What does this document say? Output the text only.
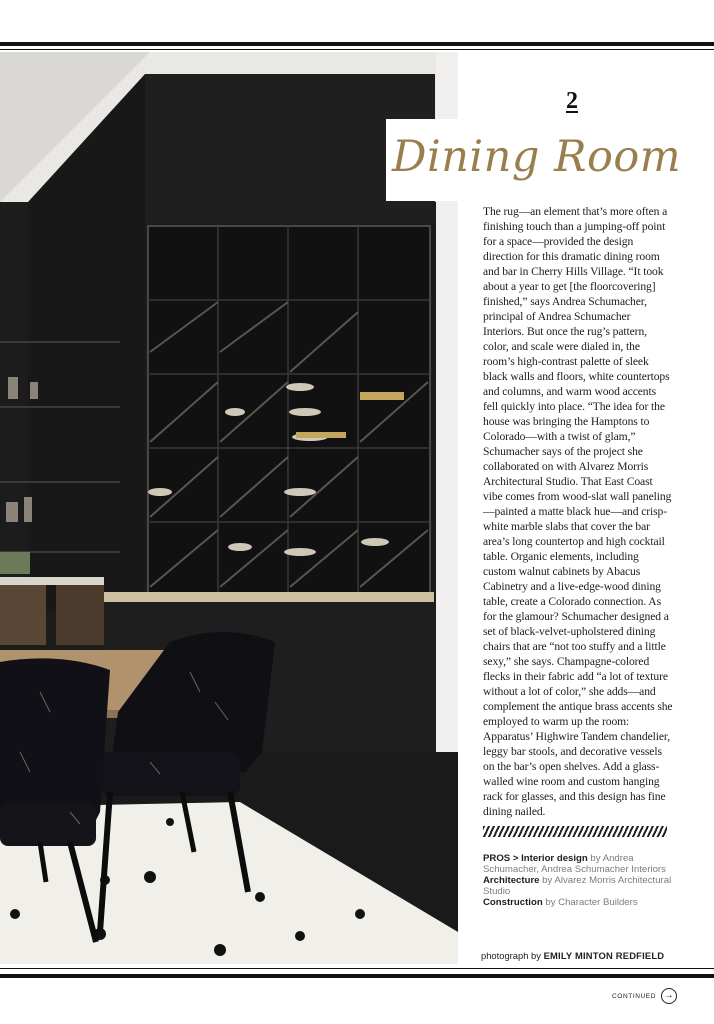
2
Dining Room
The rug—an element that’s more often a finishing touch than a jumping-off point for a space—provided the design direction for this dramatic dining room and bar in Cherry Hills Village. “It took about a year to get [the floorcovering] finished,” says Andrea Schumacher, principal of Andrea Schumacher Interiors. But once the rug’s pattern, color, and scale were dialed in, the room’s high-contrast palette of sleek black walls and floors, white countertops and columns, and warm wood accents fell quickly into place. “The idea for the house was bringing the Hamptons to Colorado—with a twist of glam,” Schumacher says of the project she collaborated on with Alvarez Morris Architectural Studio. That East Coast vibe comes from wood-slat wall paneling—painted a matte black hue—and crisp-white marble slabs that cover the bar area’s long countertop and high cocktail table. Organic elements, including custom walnut cabinets by Abacus Cabinetry and a live-edge-wood dining table, create a Colorado connection. As for the glamour? Schumacher designed a set of black-velvet-upholstered dining chairs that are “not too stuffy and a little sexy,” she says. Champagne-colored flecks in their fabric add “a lot of texture without a lot of color,” she adds—and complement the antique brass accents she employed to warm up the room: Apparatus’ Highwire Tandem chandelier, leggy bar stools, and decorative vessels on the bar’s open shelves. Add a glass-walled wine room and custom hanging rack for glasses, and this design has fine dining nailed.

PROS > Interior design by Andrea Schumacher, Andrea Schumacher Interiors

Architecture by Alvarez Morris Architectural Studio

Construction by Character Builders

photograph by EMILY MINTON REDFIELD
CONTINUED →
